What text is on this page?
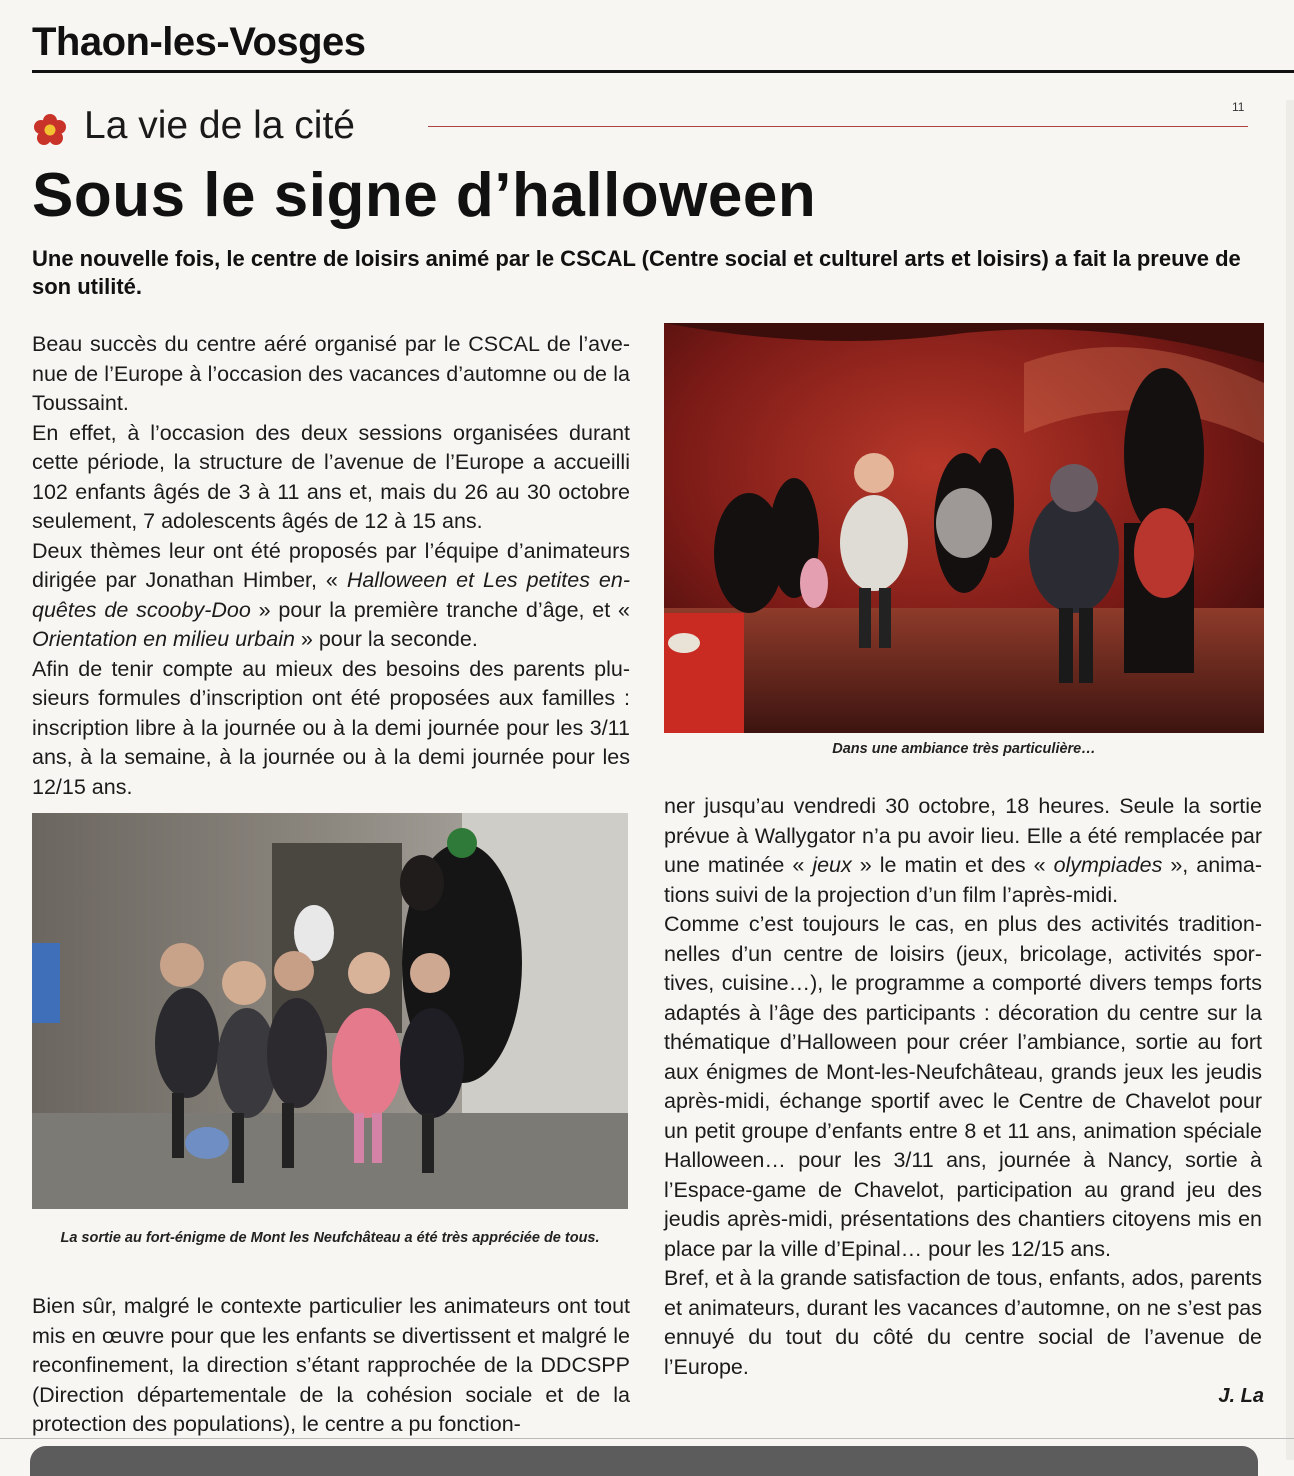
Thaon-les-Vosges
11
La vie de la cité
Sous le signe d’halloween
Une nouvelle fois, le centre de loisirs animé par le CSCAL (Centre social et culturel arts et loisirs) a fait la preuve de son utilité.

Beau succès du centre aéré organisé par le CSCAL de l’avenue de l’Europe à l’occasion des vacances d’automne ou de la Toussaint.

En effet, à l’occasion des deux sessions organisées durant cette période, la structure de l’avenue de l’Europe a accueilli 102 enfants âgés de 3 à 11 ans et, mais du 26 au 30 octobre seulement, 7 adolescents âgés de 12 à 15 ans.

Deux thèmes leur ont été proposés par l’équipe d’animateurs dirigée par Jonathan Himber, « Halloween et Les petites enquêtes de scooby-Doo » pour la première tranche d’âge, et « Orientation en milieu urbain » pour la seconde.

Afin de tenir compte au mieux des besoins des parents plusieurs formules d’inscription ont été proposées aux familles : inscription libre à la journée ou à la demi journée pour les 3/11 ans, à la semaine, à la journée ou à la demi journée pour les 12/15 ans.

Dans une ambiance très particulière…
La sortie au fort-énigme de Mont les Neufchâteau a été très appréciée de tous.

Bien sûr, malgré le contexte particulier les animateurs ont tout mis en œuvre pour que les enfants se divertissent et malgré le reconfinement, la direction s’étant rapprochée de la DDCSPP (Direction départementale de la cohésion sociale et de la protection des populations), le centre a pu fonction-

ner jusqu’au vendredi 30 octobre, 18 heures. Seule la sortie prévue à Wallygator n’a pu avoir lieu. Elle a été remplacée par une matinée « jeux » le matin et des « olympiades », animations suivi de la projection d’un film l’après-midi.

Comme c’est toujours le cas, en plus des activités traditionnelles d’un centre de loisirs (jeux, bricolage, activités sportives, cuisine…), le programme a comporté divers temps forts adaptés à l’âge des participants : décoration du centre sur la thématique d’Halloween pour créer l’ambiance, sortie au fort aux énigmes de Mont-les-Neufchâteau, grands jeux les jeudis après-midi, échange sportif avec le Centre de Chavelot pour un petit groupe d’enfants entre 8 et 11 ans, animation spéciale Halloween… pour les 3/11 ans, journée à Nancy, sortie à l’Espace-game de Chavelot, participation au grand jeu des jeudis après-midi, présentations des chantiers citoyens mis en place par la ville d’Epinal… pour les 12/15 ans.

Bref, et à la grande satisfaction de tous, enfants, ados, parents et animateurs, durant les vacances d’automne, on ne s’est pas ennuyé du tout du côté du centre social de l’avenue de l’Europe.

J. La
